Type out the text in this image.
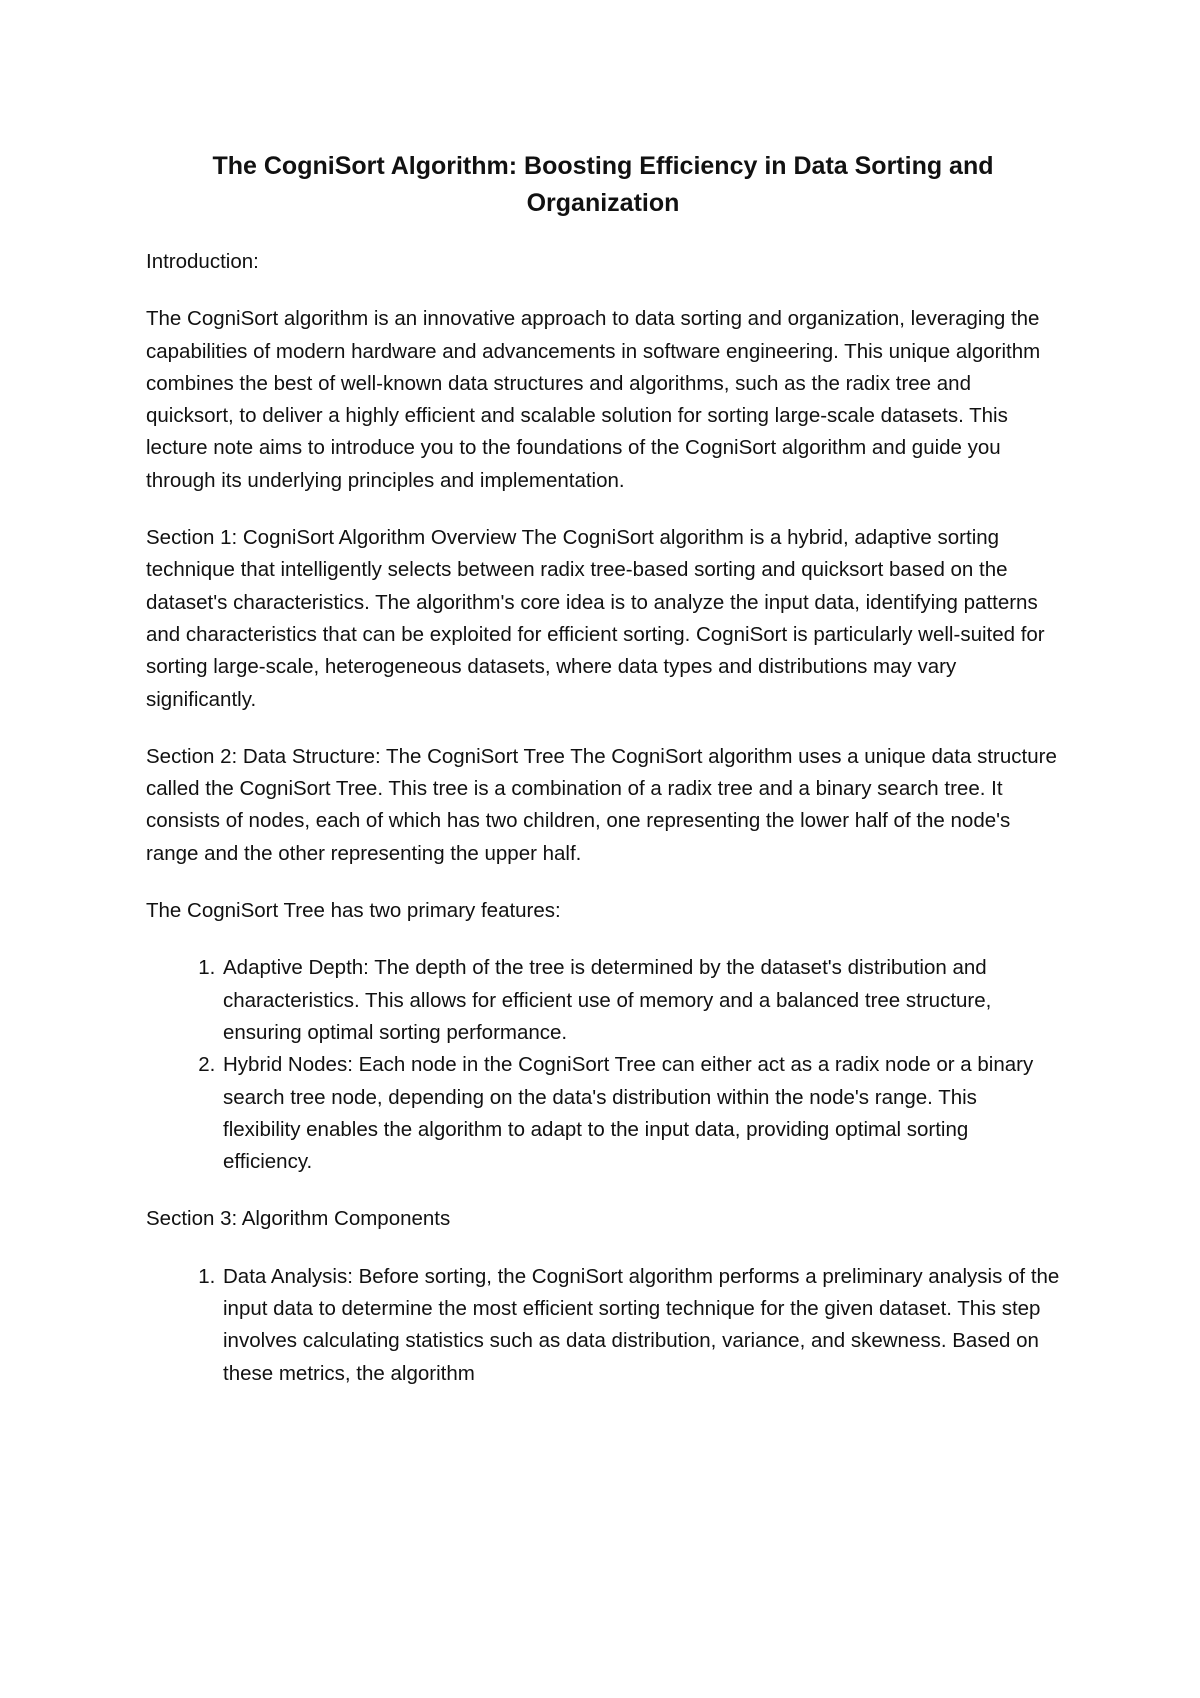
The CogniSort Algorithm: Boosting Efficiency in Data Sorting and Organization

Introduction:

The CogniSort algorithm is an innovative approach to data sorting and organization, leveraging the capabilities of modern hardware and advancements in software engineering. This unique algorithm combines the best of well-known data structures and algorithms, such as the radix tree and quicksort, to deliver a highly efficient and scalable solution for sorting large-scale datasets. This lecture note aims to introduce you to the foundations of the CogniSort algorithm and guide you through its underlying principles and implementation.

Section 1: CogniSort Algorithm Overview The CogniSort algorithm is a hybrid, adaptive sorting technique that intelligently selects between radix tree-based sorting and quicksort based on the dataset's characteristics. The algorithm's core idea is to analyze the input data, identifying patterns and characteristics that can be exploited for efficient sorting. CogniSort is particularly well-suited for sorting large-scale, heterogeneous datasets, where data types and distributions may vary significantly.

Section 2: Data Structure: The CogniSort Tree The CogniSort algorithm uses a unique data structure called the CogniSort Tree. This tree is a combination of a radix tree and a binary search tree. It consists of nodes, each of which has two children, one representing the lower half of the node's range and the other representing the upper half.

The CogniSort Tree has two primary features:

1. Adaptive Depth: The depth of the tree is determined by the dataset's distribution and characteristics. This allows for efficient use of memory and a balanced tree structure, ensuring optimal sorting performance.
2. Hybrid Nodes: Each node in the CogniSort Tree can either act as a radix node or a binary search tree node, depending on the data's distribution within the node's range. This flexibility enables the algorithm to adapt to the input data, providing optimal sorting efficiency.

Section 3: Algorithm Components

1. Data Analysis: Before sorting, the CogniSort algorithm performs a preliminary analysis of the input data to determine the most efficient sorting technique for the given dataset. This step involves calculating statistics such as data distribution, variance, and skewness. Based on these metrics, the algorithm
